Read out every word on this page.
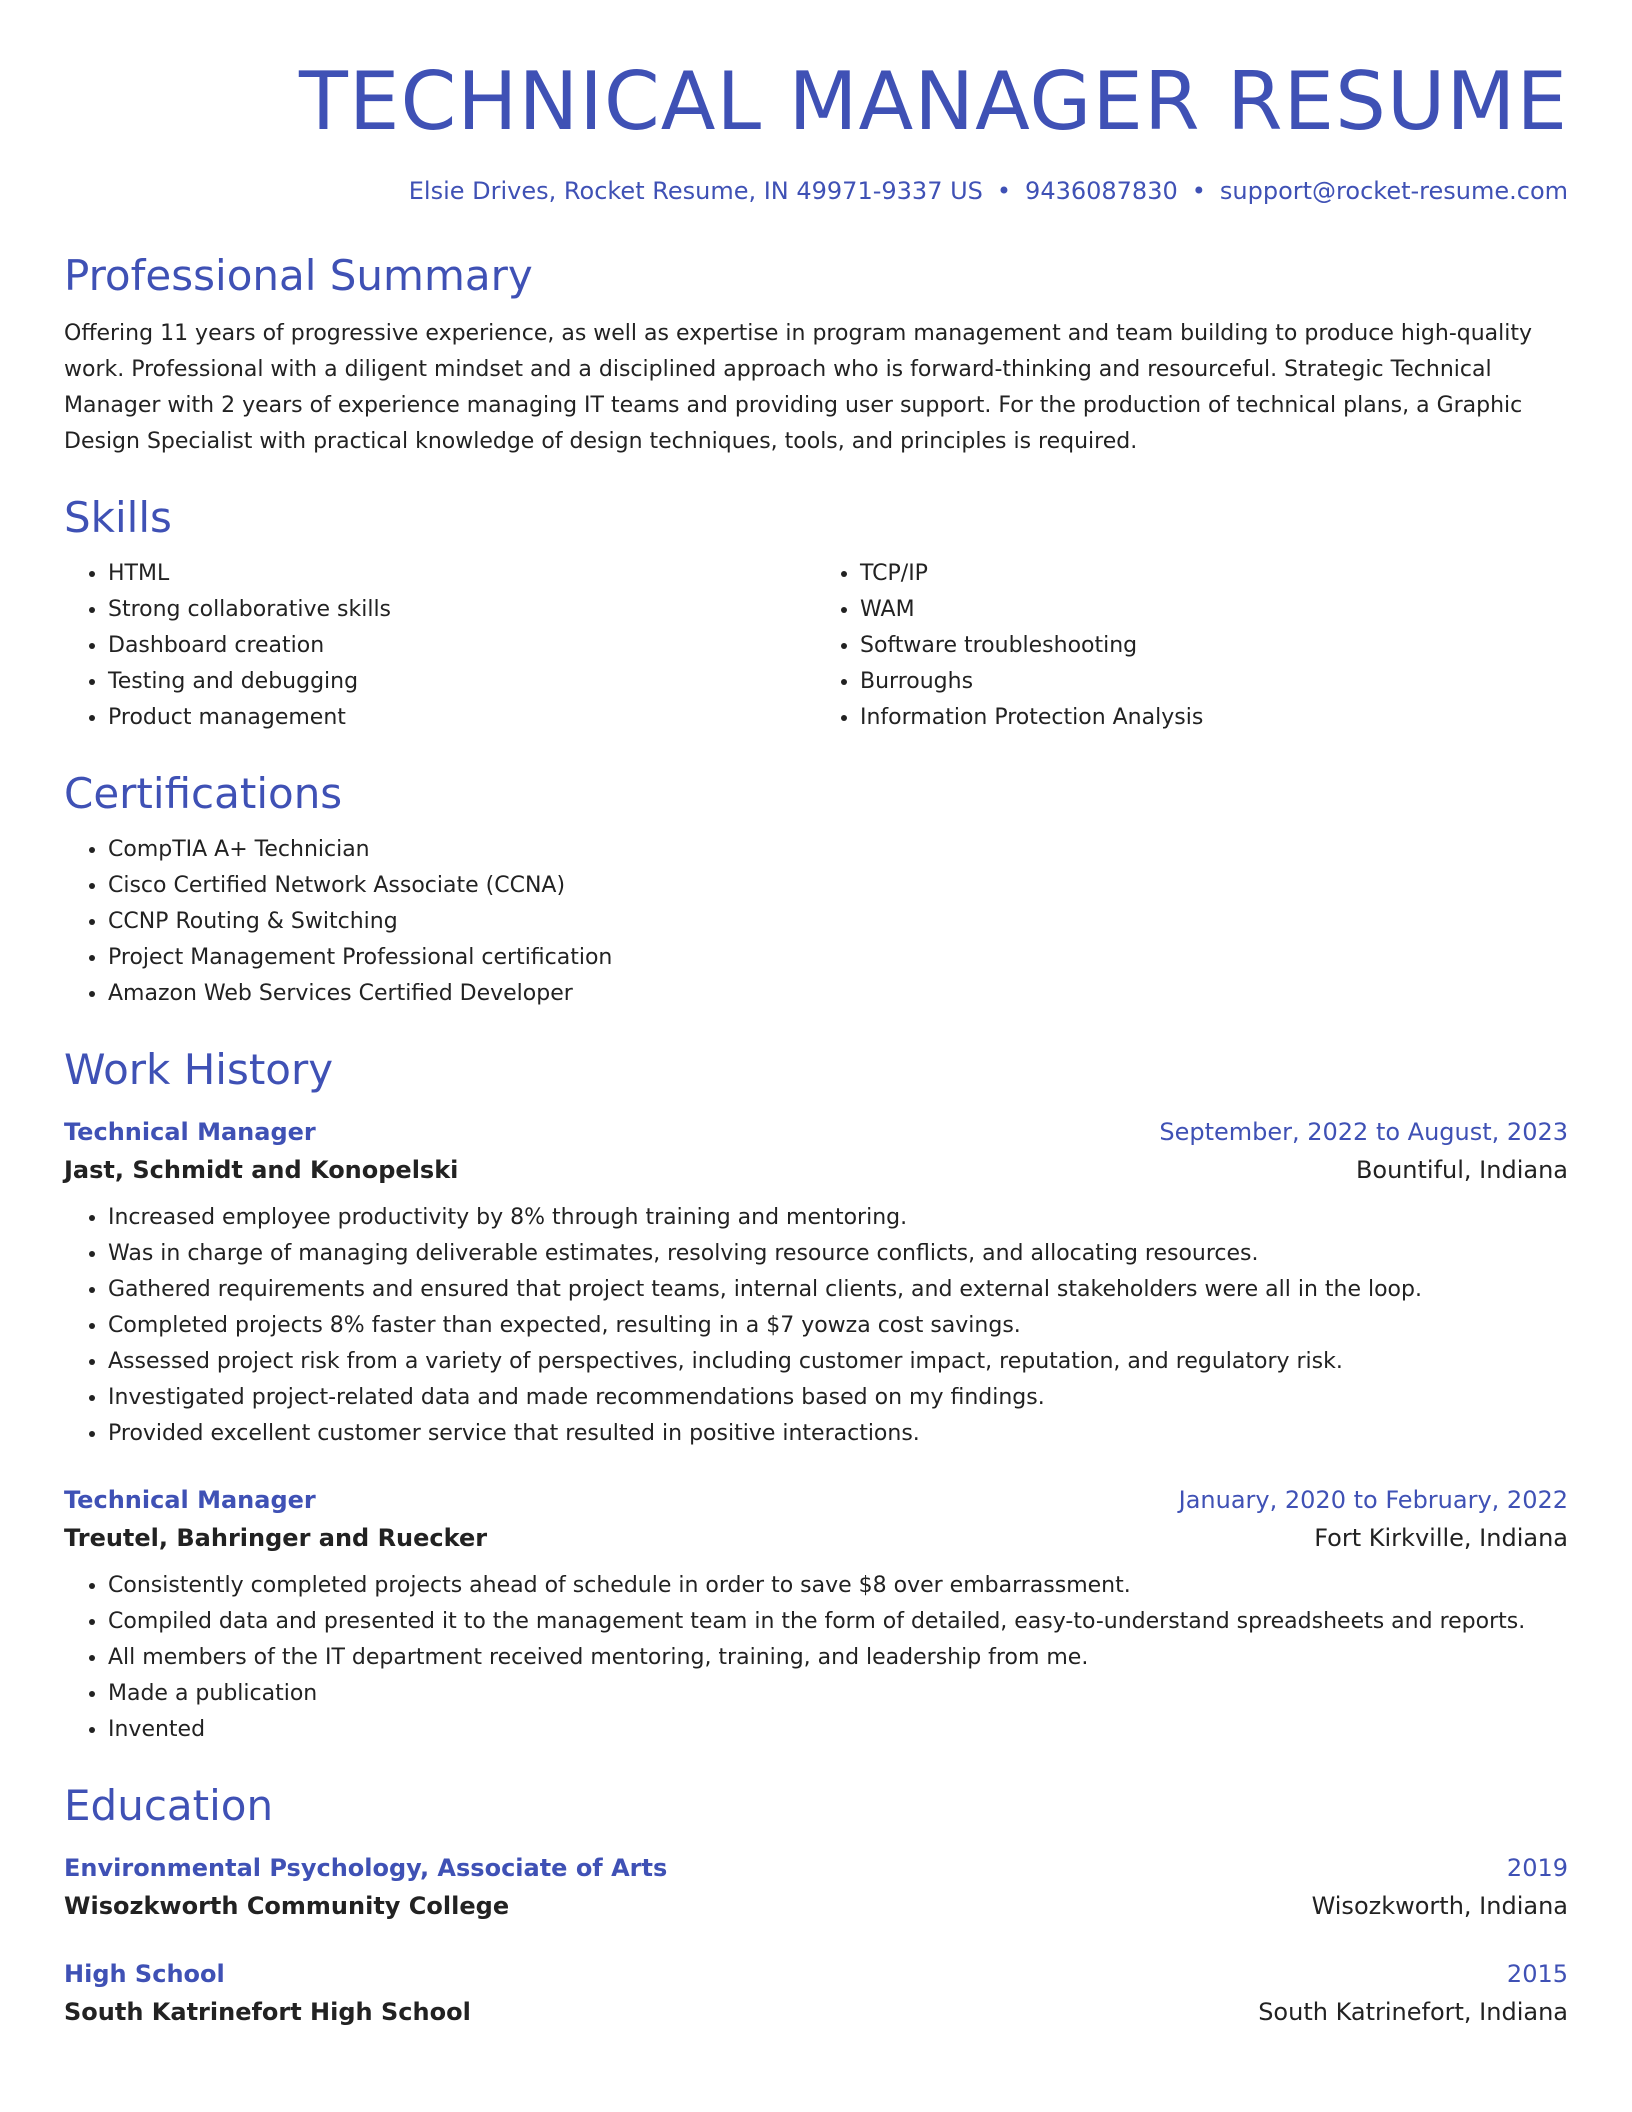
TECHNICAL MANAGER RESUME
Elsie Drives, Rocket Resume, IN 49971-9337 US • 9436087830 • support@rocket-resume.com
Professional Summary

Offering 11 years of progressive experience, as well as expertise in program management and team building to produce high-quality work. Professional with a diligent mindset and a disciplined approach who is forward-thinking and resourceful. Strategic Technical Manager with 2 years of experience managing IT teams and providing user support. For the production of technical plans, a Graphic Design Specialist with practical knowledge of design techniques, tools, and principles is required.

Skills
• HTML
• Strong collaborative skills
• Dashboard creation
• Testing and debugging
• Product management
• TCP/IP
• WAM
• Software troubleshooting
• Burroughs
• Information Protection Analysis
Certifications
• CompTIA A+ Technician
• Cisco Certified Network Associate (CCNA)
• CCNP Routing & Switching
• Project Management Professional certification
• Amazon Web Services Certified Developer
Work History
Technical Manager	September, 2022 to August, 2023
Jast, Schmidt and Konopelski	Bountiful, Indiana
• Increased employee productivity by 8% through training and mentoring.
• Was in charge of managing deliverable estimates, resolving resource conflicts, and allocating resources.
• Gathered requirements and ensured that project teams, internal clients, and external stakeholders were all in the loop.
• Completed projects 8% faster than expected, resulting in a $7 yowza cost savings.
• Assessed project risk from a variety of perspectives, including customer impact, reputation, and regulatory risk.
• Investigated project-related data and made recommendations based on my findings.
• Provided excellent customer service that resulted in positive interactions.
Technical Manager	January, 2020 to February, 2022
Treutel, Bahringer and Ruecker	Fort Kirkville, Indiana
• Consistently completed projects ahead of schedule in order to save $8 over embarrassment.
• Compiled data and presented it to the management team in the form of detailed, easy-to-understand spreadsheets and reports.
• All members of the IT department received mentoring, training, and leadership from me.
• Made a publication
• Invented
Education
Environmental Psychology, Associate of Arts	2019
Wisozkworth Community College	Wisozkworth, Indiana
High School	2015
South Katrinefort High School	South Katrinefort, Indiana
